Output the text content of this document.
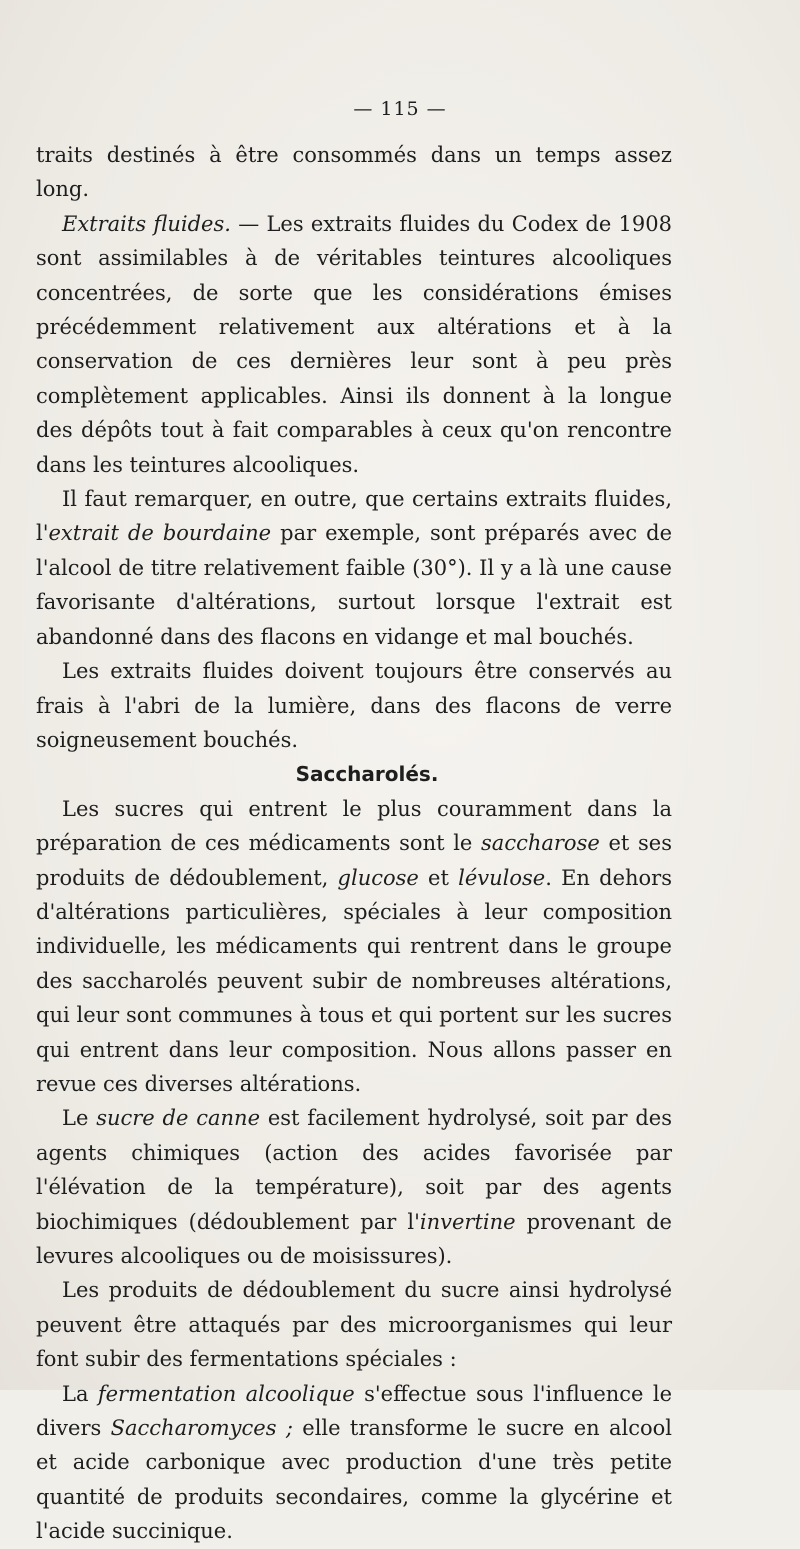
— 115 —

traits destinés à être consommés dans un temps assez long.

Extraits fluides. — Les extraits fluides du Codex de 1908 sont assimilables à de véritables teintures alcooliques concentrées, de sorte que les considérations émises précédemment relativement aux altérations et à la conservation de ces dernières leur sont à peu près complètement applicables. Ainsi ils donnent à la longue des dépôts tout à fait comparables à ceux qu'on rencontre dans les teintures alcooliques.

Il faut remarquer, en outre, que certains extraits fluides, l'extrait de bourdaine par exemple, sont préparés avec de l'alcool de titre relativement faible (30°). Il y a là une cause favorisante d'altérations, surtout lorsque l'extrait est abandonné dans des flacons en vidange et mal bouchés.

Les extraits fluides doivent toujours être conservés au frais à l'abri de la lumière, dans des flacons de verre soigneusement bouchés.

Saccharolés.

Les sucres qui entrent le plus couramment dans la préparation de ces médicaments sont le saccharose et ses produits de dédoublement, glucose et lévulose. En dehors d'altérations particulières, spéciales à leur composition individuelle, les médicaments qui rentrent dans le groupe des saccharolés peuvent subir de nombreuses altérations, qui leur sont communes à tous et qui portent sur les sucres qui entrent dans leur composition. Nous allons passer en revue ces diverses altérations.

Le sucre de canne est facilement hydrolysé, soit par des agents chimiques (action des acides favorisée par l'élévation de la température), soit par des agents biochimiques (dédoublement par l'invertine provenant de levures alcooliques ou de moisissures).

Les produits de dédoublement du sucre ainsi hydrolysé peuvent être attaqués par des microorganismes qui leur font subir des fermentations spéciales :

La fermentation alcoolique s'effectue sous l'influence le divers Saccharomyces ; elle transforme le sucre en alcool et acide carbonique avec production d'une très petite quantité de produits secondaires, comme la glycérine et l'acide succinique.
